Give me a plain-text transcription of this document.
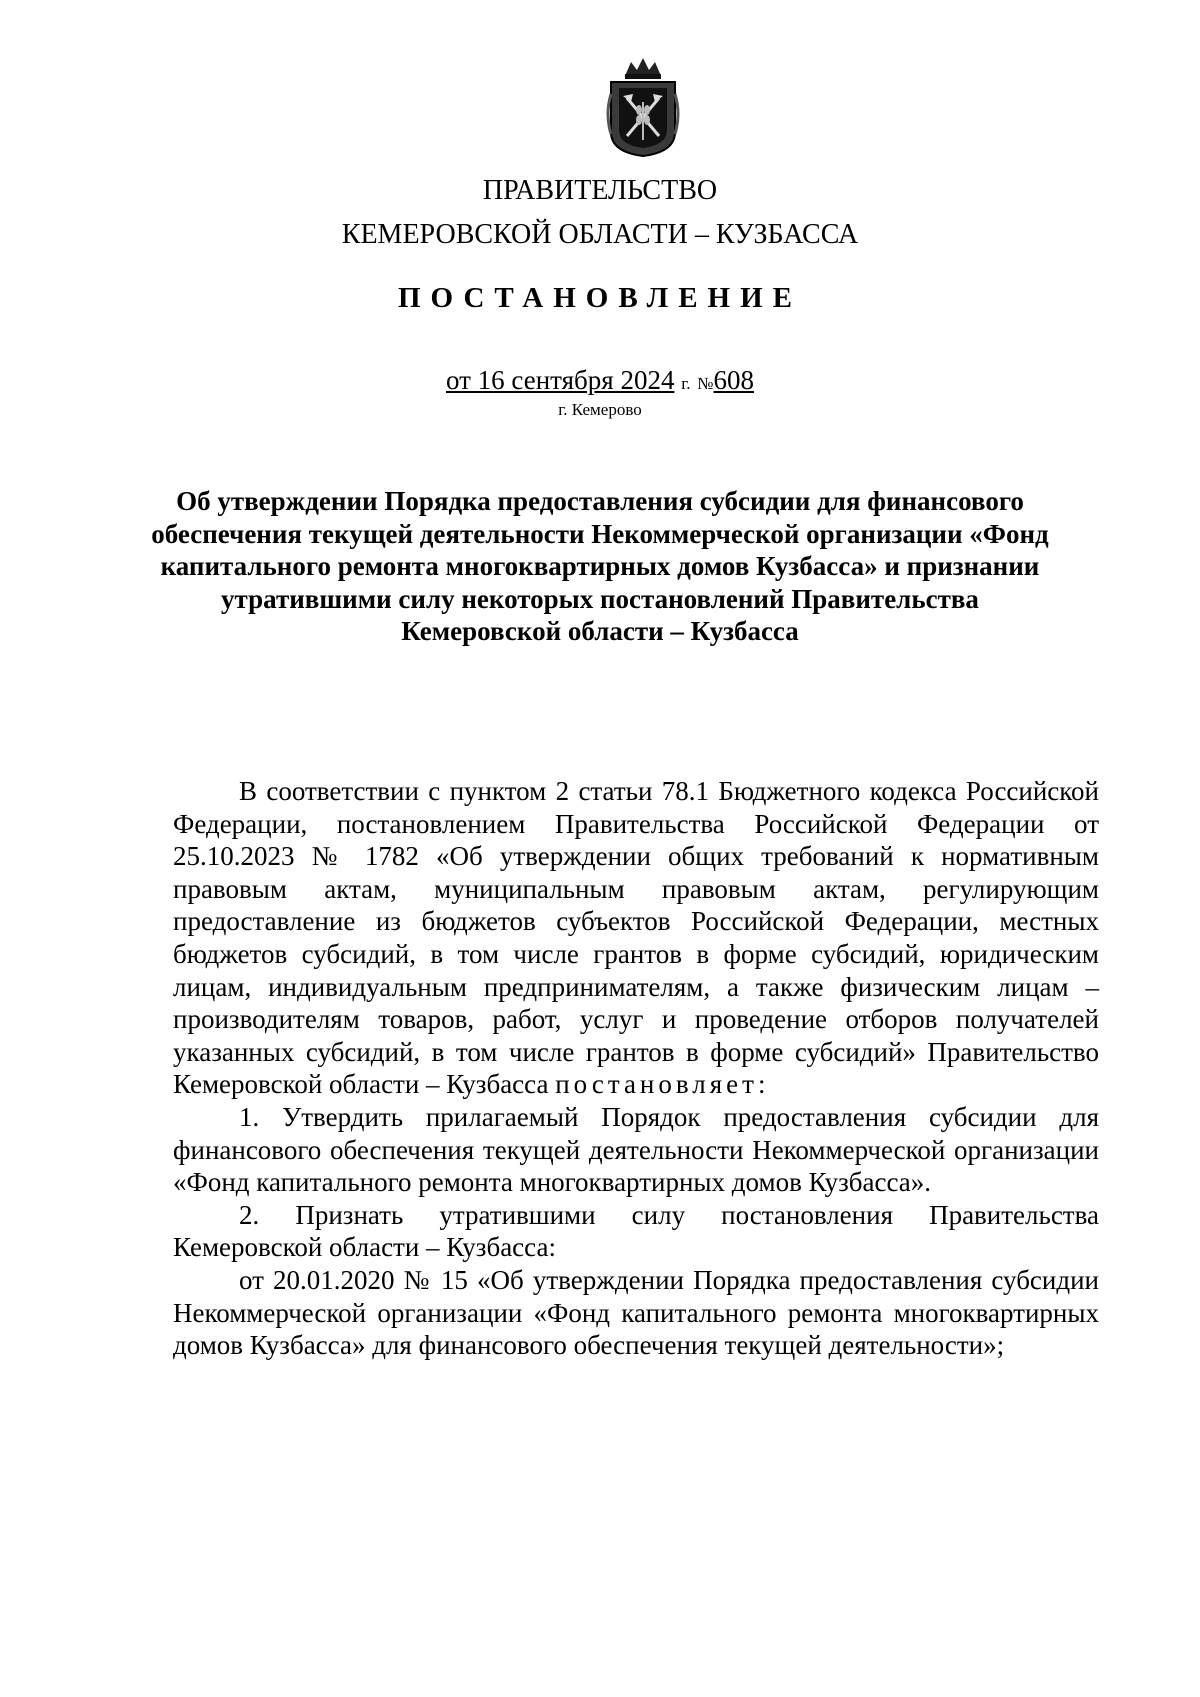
ПРАВИТЕЛЬСТВО
КЕМЕРОВСКОЙ ОБЛАСТИ – КУЗБАССА
ПОСТАНОВЛЕНИЕ
от 16 сентября 2024 г. №608
г. Кемерово

Об утверждении Порядка предоставления субсидии для финансового обеспечения текущей деятельности Некоммерческой организации «Фонд капитального ремонта многоквартирных домов Кузбасса» и признании утратившими силу некоторых постановлений Правительства Кемеровской области – Кузбасса

В соответствии с пунктом 2 статьи 78.1 Бюджетного кодекса Российской Федерации, постановлением Правительства Российской Федерации от 25.10.2023 № 1782 «Об утверждении общих требований к нормативным правовым актам, муниципальным правовым актам, регулирующим предоставление из бюджетов субъектов Российской Федерации, местных бюджетов субсидий, в том числе грантов в форме субсидий, юридическим лицам, индивидуальным предпринимателям, а также физическим лицам – производителям товаров, работ, услуг и проведение отборов получателей указанных субсидий, в том числе грантов в форме субсидий» Правительство Кемеровской области – Кузбасса постановляет:

1. Утвердить прилагаемый Порядок предоставления субсидии для финансового обеспечения текущей деятельности Некоммерческой организации «Фонд капитального ремонта многоквартирных домов Кузбасса».

2. Признать утратившими силу постановления Правительства Кемеровской области – Кузбасса:

от 20.01.2020 № 15 «Об утверждении Порядка предоставления субсидии Некоммерческой организации «Фонд капитального ремонта многоквартирных домов Кузбасса» для финансового обеспечения текущей деятельности»;
